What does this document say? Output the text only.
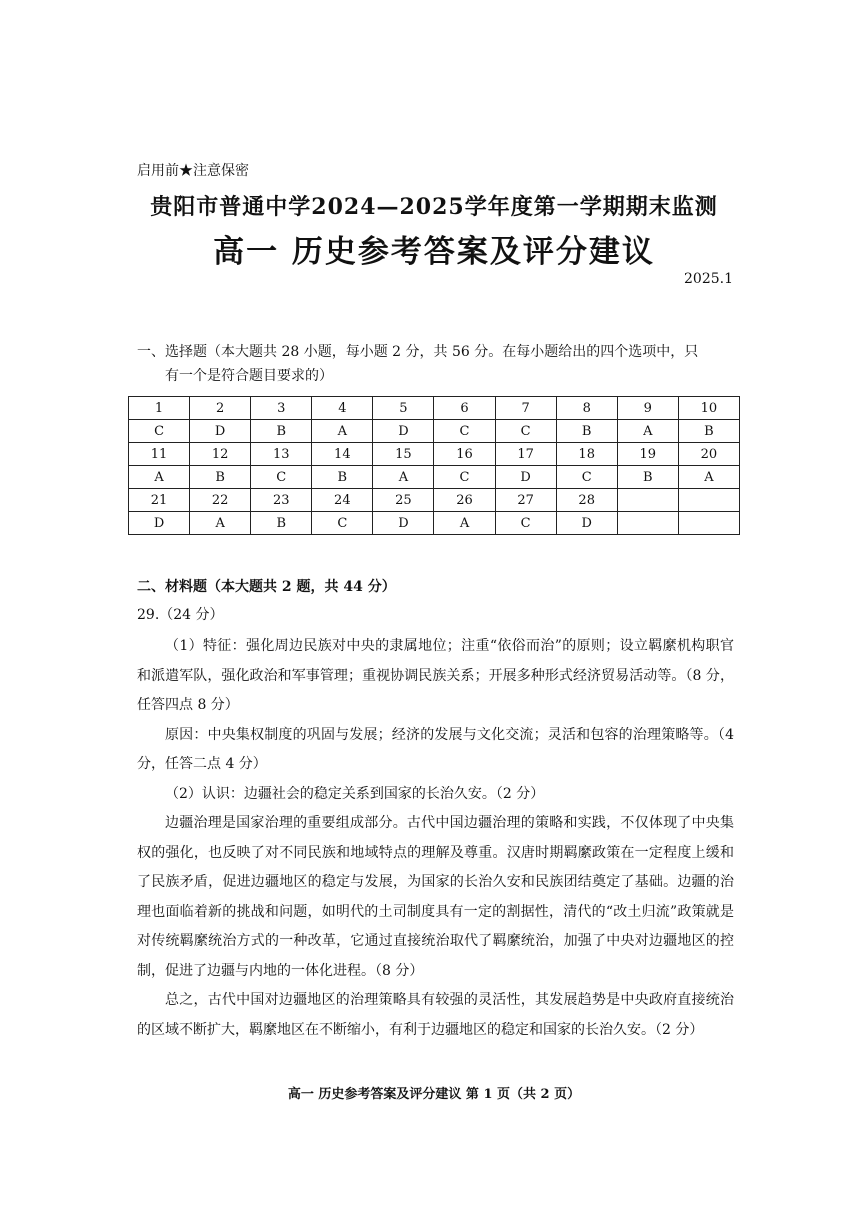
启用前★注意保密
贵阳市普通中学2024—2025学年度第一学期期末监测
高一 历史参考答案及评分建议
2025.1
一、选择题（本大题共 28 小题，每小题 2 分，共 56 分。在每小题给出的四个选项中，只
有一个是符合题目要求的）
1	2	3	4	5	6	7	8	9	10
C	D	B	A	D	C	C	B	A	B
11	12	13	14	15	16	17	18	19	20
A	B	C	B	A	C	D	C	B	A
21	22	23	24	25	26	27	28		
D	A	B	C	D	A	C	D		
二、材料题（本大题共 2 题，共 44 分）
29.（24 分）

（1）特征：强化周边民族对中央的隶属地位；注重“依俗而治”的原则；设立羁縻机构职官和派遣军队，强化政治和军事管理；重视协调民族关系；开展多种形式经济贸易活动等。（8 分，任答四点 8 分）

原因：中央集权制度的巩固与发展；经济的发展与文化交流；灵活和包容的治理策略等。（4 分，任答二点 4 分）

（2）认识：边疆社会的稳定关系到国家的长治久安。（2 分）

边疆治理是国家治理的重要组成部分。古代中国边疆治理的策略和实践，不仅体现了中央集权的强化，也反映了对不同民族和地域特点的理解及尊重。汉唐时期羁縻政策在一定程度上缓和了民族矛盾，促进边疆地区的稳定与发展，为国家的长治久安和民族团结奠定了基础。边疆的治理也面临着新的挑战和问题，如明代的土司制度具有一定的割据性，清代的“改土归流”政策就是对传统羁縻统治方式的一种改革，它通过直接统治取代了羁縻统治，加强了中央对边疆地区的控制，促进了边疆与内地的一体化进程。（8 分）

总之，古代中国对边疆地区的治理策略具有较强的灵活性，其发展趋势是中央政府直接统治的区域不断扩大，羁縻地区在不断缩小，有利于边疆地区的稳定和国家的长治久安。（2 分）

高一 历史参考答案及评分建议 第 1 页（共 2 页）
